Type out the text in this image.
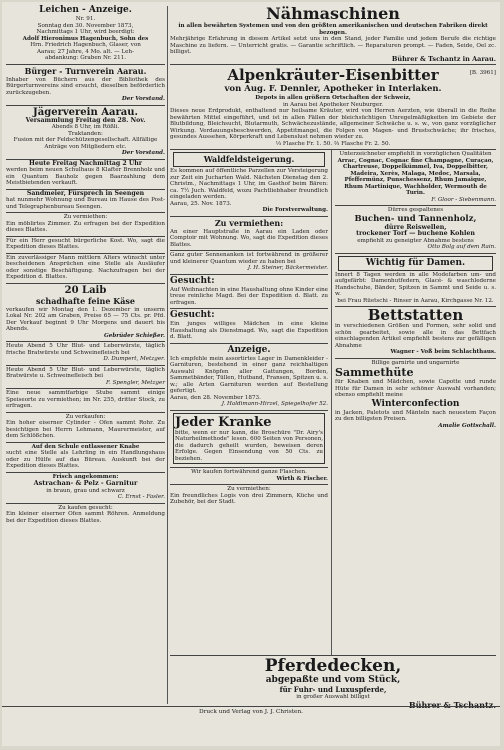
Leichen - Anzeige.

Nr. 91.

Sonntag den 30. November 1873,

Nachmittags 1 Uhr, wird beerdigt:

Adolf Hieronimus Hagenbuch, Sohn des

Hrn. Friedrich Hagenbuch, Glaser, von

Aarau; 27 Jahre, 4 Mo. alt. — Leh-

abdankung: Graben Nr. 211.

Bürger - Turnverein Aarau.

Inhaber von Büchern aus der Bibliothek des Bürgerturnvereins sind ersucht, dieselben beförderlich zurückzugeben.

Der Vorstand.

Jägerverein Aarau.

Versammlung Freitag den 28. Nov.

Abends 8 Uhr, im Rößli.

Traktanden:

Fusion mit der Feldschützengesellschaft. Allfällige Anträge von Mitgliedern etc.

Der Vorstand.

Heute Freitag Nachmittag 2 Uhr

werden beim neuen Schulhaus 8 Klafter Brennholz und ein Quantum Bauholz gegen Baarzahlung dem Meistbietenden verkauft.

Sandmeier, Fürsprech in Seengen

hat nunmehr Wohnung und Bureau im Hause des Post- und Telegraphenbureau Seengen.

Zu vermiethen:

Ein möblirtes Zimmer. Zu erfragen bei der Expedition dieses Blattes.

Für ein Herr gesucht bürgerliche Kost. Wo, sagt die Expedition dieses Blattes.

Ein zuverlässiger Mann mittlern Alters wünscht unter bescheidenen Ansprüchen eine Stelle als Ausläufer oder sonstige Beschäftigung. Nachzufragen bei der Expedition d. Blattes.

20 Laib

schadhafte feine Käse

verkaufen wir Montag den 1. Dezember in unserm Lokal Nr. 202 am Graben, Preise 65 — 75 Cts. pr. Pfd. Der Verkauf beginnt 9 Uhr Morgens und dauert bis Abends.

Gebrüder Schießer.

Heute Abend 5 Uhr Blut- und Leberwürste, täglich frische Bratwürste und Schweinefleisch bei

D. Dumpert, Metzger.

Heute Abend 5 Uhr Blut- und Leberwürste, täglich Bratwürste u. Schweinefleisch bei

F. Spengler, Metzger

Eine neue sammtfarbige Stube sammt einige Speiseorte zu vermiethen; im Nr. 255, dritter Stock, zu erfragen.

Zu verkaufen:

Ein hoher eiserner Cylinder - Ofen sammt Rohr. Zu besichtigen bei Herrn Lehmann, Maurermeister, auf dem Schlößchen.

Auf den Schule entlassener Knabe

sucht eine Stelle als Lehrling in ein Handlungshaus oder zu Hülfe auf das Büreau. Auskunft bei der Expedition dieses Blattes.

Frisch angekommen:

Astrachan- & Pelz - Garnitur

in braun, grau und schwarz

C. Ernst - Fasler.

Zu kaufen gesucht:

Ein kleiner eiserner Ofen sammt Röhren. Anmeldung bei der Expedition dieses Blattes.

Nähmaschinen

in allen bewährten Systemen und von den größten amerikanischen und deutschen Fabriken direkt bezogen.

Mehrjährige Erfahrung in diesem Artikel setzt uns in den Stand, jeder Familie und jedem Berufe die richtige Maschine zu liefern. — Unterricht gratis. — Garantie schriftlich. — Reparaturen prompt. — Faden, Seide, Oel zc. billigst.

Bührer & Tschantz in Aarau.

Alpenkräuter-Eisenbitter	[B. 3961]

von Aug. F. Dennler, Apotheker in Interlaken.

Depots in allen größern Ortschaften der Schweiz,

in Aarau bei Apotheker Neuburger.

Dieses neue Erdprodukt, enthaltend nur heilsame Kräuter, wird von Herren Aerzten, wie überall in die Reihe bewährten Mittel eingeführt, und ist in allen Fällen der bleichsüchtigen Unregelmäßigkeiten im Gebiete der Blutbildung, Bleichsucht, Blutarmuth, Schwächezustände, allgemeiner Schwäche u. s. w., von ganz vorzüglicher Wirkung. Verdauungsbeschwerden, Appetitmangel, die Folgen von Magen- und Brustschwäche; ihr frisches, gesundes Aussehen, Körperkraft und Lebenslust nehmen wieder zu.

⅓ Flasche Fr. 1. 50. ⅔ Flasche Fr. 2. 50.

Waldfeldsteigerung.

Es kommen auf öffentliche Parzellen zur Versteigerung zur Zeit ein Jucharten Wald. Nächsten Dienstag den 2. Christm., Nachmittags 1 Uhr, im Gasthof beim Bären: ca. 7½ Juch. Waldfeld, wozu Pachtliebhaber freundlich eingeladen werden.

Aarau, 25. Nov. 1873.

Die Forstverwaltung.

Zu vermiethen:

An einer Hauptstraße in Aarau ein Laden oder Comptoir mit Wohnung. Wo, sagt die Expedition dieses Blattes.

Ganz guter Sennenanken ist fortwährend in größerer und kleinerer Quantum wieder zu haben bei

J. H. Steiner, Bäckermeister.

Gesucht:

Auf Weihnachten in eine Haushaltung ohne Kinder eine treue reinliche Magd. Bei der Expedition d. Blatt. zu erfragen.

Gesucht:

Ein junges williges Mädchen in eine kleine Haushaltung als Dienstmagd. Wo, sagt die Expedition d. Blatt.

Anzeige.

Ich empfehle mein assortirtes Lager in Damenkleider - Garnituren, bestehend in einer ganz reichhaltigen Auswahl Knöpfen aller Gattungen, Borden, Sammetbänder, Tüllen, Hutband, Fransen, Spitzen u. s. w.; alle Arten Garnituren werden auf Bestellung gefertigt.

Aarau, den 28. November 1873.

J. Haldimann-Hirzel, Spiegelhofer 52.

Jeder Kranke

bitte, wenn er nur kann, die Broschüre "Dr. Airy's Naturheilmethode" lesen. 600 Seiten von Personen, die dadurch geheilt wurden, beweisen deren Erfolge. Gegen Einsendung von 50 Cts. zu beziehen.

Wir kaufen fortwährend ganze Flaschen.

Wirth & Fischer.

Zu vermiethen:

Ein freundliches Logis von drei Zimmern, Küche und Zubehör, bei der Stadt.

Unterzeichneter empfiehlt in vorzüglichen Qualitäten

Arrac, Cognac, Cognac fine Champagne, Curaçao, Chartreuse, Doppelkümmel, Iva, Doppelbitter, Madeira, Xerès, Malaga, Medoc, Marsala, Pfeffermünz, Punschessenz, Rhum Jamaique, Rhum Martinique, Wachholder, Wermouth de Turin.

F. Gloor - Siebenmann.

Dürres gespaltenes

Buchen- und Tannenholz,

dürre Reiswellen,

trockener Torf — buchene Kohlen

empfiehlt zu geneigter Abnahme bestens

Otto Bolg auf dem Rain.

Wichtig für Damen.

Innert 8 Tagen werden in alle Modefarben um- und aufgefärbt: Damenhutfedern, Glacé- & waschlederne Handschuhe, Bänder, Spitzen in Sammt und Seide u. s. w.

bei Frau Rüetschi - Rinser in Aarau, Kirchgasse Nr. 12.

Bettstatten

in verschiedenen Größen und Formen, sehr solid und schön gearbeitet, sowie alle in das Bettfach einschlagenden Artikel empfiehlt bestens zur gefälligen Abnahme

Wagner - Voß beim Schlachthaus.

Billige garnirte und ungarnirte

Sammethüte

für Knaben und Mädchen, sowie Capotte und runde Hüte für Damen in sehr schöner Auswahl vorhanden; ebenso empfiehlt meine

Winterconfection

in Jacken, Paletots und Mänteln nach neuestem Façon zu den billigsten Preisen.

Amalie Gottschall.

Pferdedecken,

abgepaßte und vom Stück,

für Fuhr- und Luxuspferde,

in großer Auswahl billigst

Bührer & Tschantz.

Druck und Verlag von J. J. Christen.
